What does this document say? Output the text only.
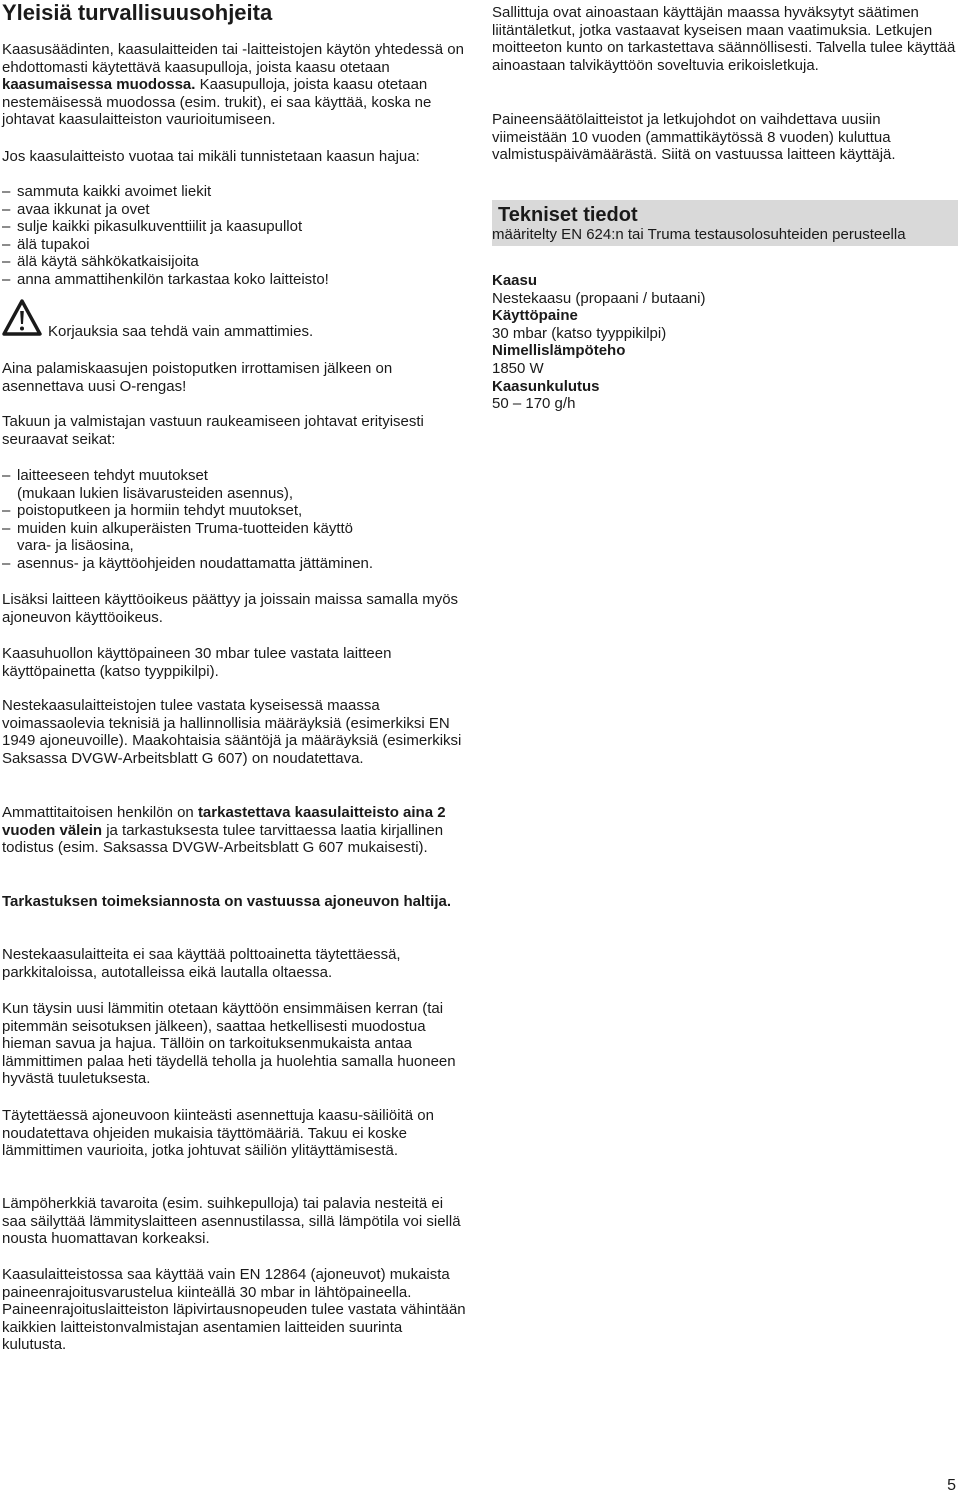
Yleisiä turvallisuusohjeita

Kaasusäädinten, kaasulaitteiden tai -laitteistojen käytön yhtedessä on ehdottomasti käytettävä kaasupulloja, joista kaasu otetaan kaasumaisessa muodossa. Kaasupulloja, joista kaasu otetaan nestemäisessä muodossa (esim. trukit), ei saa käyttää, koska ne johtavat kaasulaitteiston vaurioitumiseen.

Jos kaasulaitteisto vuotaa tai mikäli tunnistetaan kaasun hajua:

– sammuta kaikki avoimet liekit
– avaa ikkunat ja ovet
– sulje kaikki pikasulkuventtiilit ja kaasupullot
– älä tupakoi
– älä käytä sähkökatkaisijoita
– anna ammattihenkilön tarkastaa koko laitteisto!
Korjauksia saa tehdä vain ammattimies.

Aina palamiskaasujen poistoputken irrottamisen jälkeen on asennettava uusi O-rengas!

Takuun ja valmistajan vastuun raukeamiseen johtavat erityisesti seuraavat seikat:

– laitteeseen tehdyt muutokset
(mukaan lukien lisävarusteiden asennus),
– poistoputkeen ja hormiin tehdyt muutokset,
– muiden kuin alkuperäisten Truma-tuotteiden käyttö
vara- ja lisäosina,
– asennus- ja käyttöohjeiden noudattamatta jättäminen.

Lisäksi laitteen käyttöoikeus päättyy ja joissain maissa samalla myös ajoneuvon käyttöoikeus.

Kaasuhuollon käyttöpaineen 30 mbar tulee vastata laitteen käyttöpainetta (katso tyyppikilpi).

Nestekaasulaitteistojen tulee vastata kyseisessä maassa voimassaolevia teknisiä ja hallinnollisia määräyksiä (esimerkiksi EN 1949 ajoneuvoille). Maakohtaisia sääntöjä ja määräyksiä (esimerkiksi Saksassa DVGW-Arbeitsblatt G 607) on noudatettava.

Ammattitaitoisen henkilön on tarkastettava kaasulaitteisto aina 2 vuoden välein ja tarkastuksesta tulee tarvittaessa laatia kirjallinen todistus (esim. Saksassa DVGW-Arbeitsblatt G 607 mukaisesti).

Tarkastuksen toimeksiannosta on vastuussa ajoneuvon haltija.

Nestekaasulaitteita ei saa käyttää polttoainetta täytettäessä, parkkitaloissa, autotalleissa eikä lautalla oltaessa.

Kun täysin uusi lämmitin otetaan käyttöön ensimmäisen kerran (tai pitemmän seisotuksen jälkeen), saattaa hetkellisesti muodostua hieman savua ja hajua. Tällöin on tarkoituksenmukaista antaa lämmittimen palaa heti täydellä teholla ja huolehtia samalla huoneen hyvästä tuuletuksesta.

Täytettäessä ajoneuvoon kiinteästi asennettuja kaasu-säiliöitä on noudatettava ohjeiden mukaisia täyttömääriä. Takuu ei koske lämmittimen vaurioita, jotka johtuvat säiliön ylitäyttämisestä.

Lämpöherkkiä tavaroita (esim. suihkepulloja) tai palavia nesteitä ei saa säilyttää lämmityslaitteen asennustilassa, sillä lämpötila voi siellä nousta huomattavan korkeaksi.

Kaasulaitteistossa saa käyttää vain EN 12864 (ajoneuvot) mukaista paineenrajoitusvarustelua kiinteällä 30 mbar in lähtöpaineella. Paineenrajoituslaitteiston läpivirtausnopeuden tulee vastata vähintään kaikkien laitteistonvalmistajan asentamien laitteiden suurinta kulutusta.

Sallittuja ovat ainoastaan käyttäjän maassa hyväksytyt säätimen liitäntäletkut, jotka vastaavat kyseisen maan vaatimuksia. Letkujen moitteeton kunto on tarkastettava säännöllisesti. Talvella tulee käyttää ainoastaan talvikäyttöön soveltuvia erikoisletkuja.

Paineensäätölaitteistot ja letkujohdot on vaihdettava uusiin viimeistään 10 vuoden (ammattikäytössä 8 vuoden) kuluttua valmistuspäivämäärästä. Siitä on vastuussa laitteen käyttäjä.

Tekniset tiedot
määritelty EN 624:n tai Truma testausolosuhteiden perusteella
Kaasu
Nestekaasu (propaani / butaani)
Käyttöpaine
30 mbar (katso tyyppikilpi)
Nimellislämpöteho
1850 W
Kaasunkulutus
50 – 170 g/h
5
